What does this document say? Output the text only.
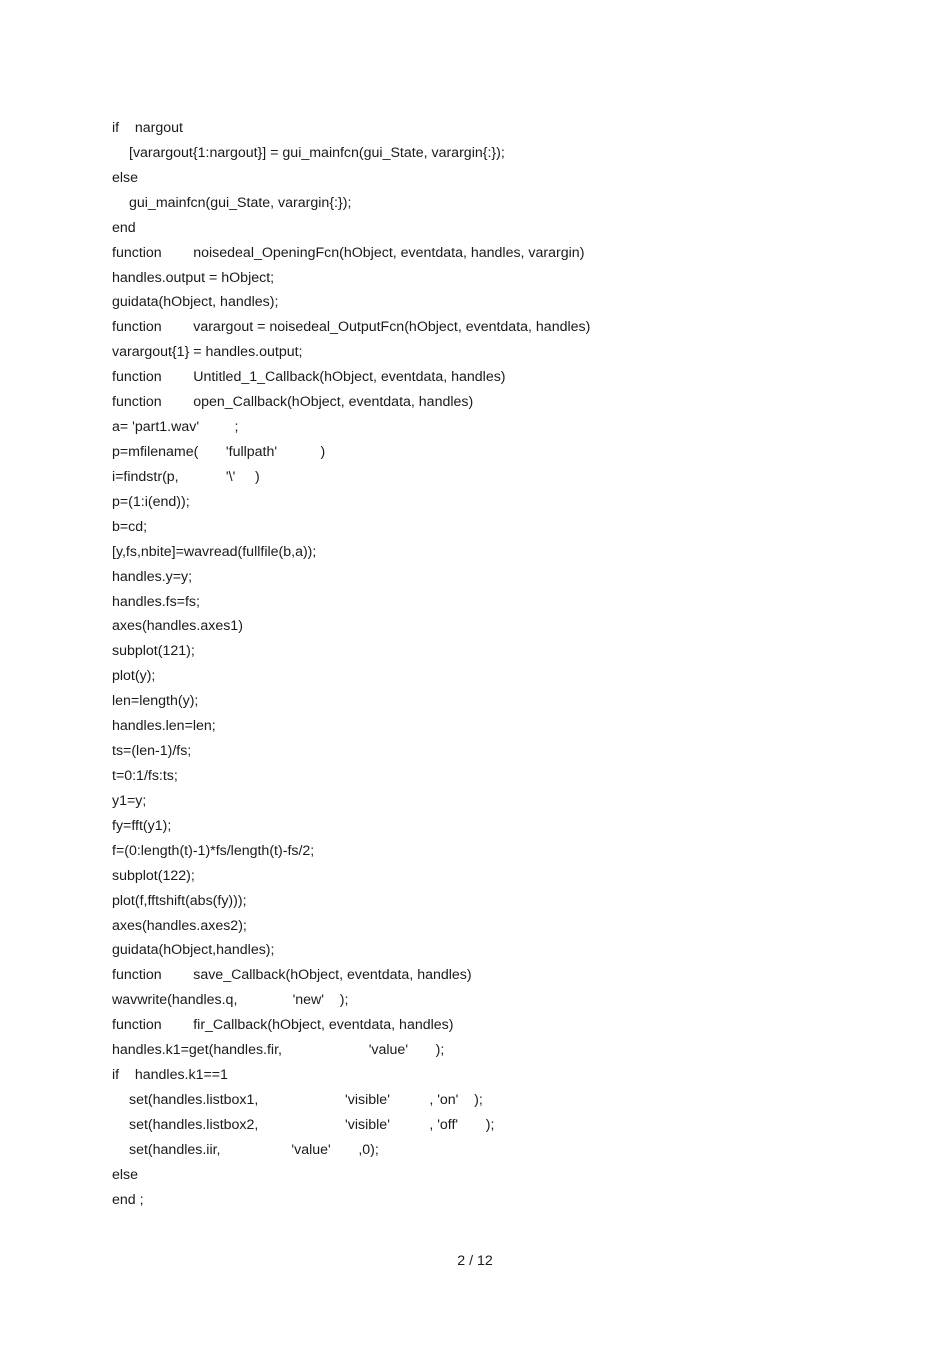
if    nargout
[varargout{1:nargout}] = gui_mainfcn(gui_State, varargin{:});
else
gui_mainfcn(gui_State, varargin{:});
end
function        noisedeal_OpeningFcn(hObject, eventdata, handles, varargin)
handles.output = hObject;
guidata(hObject, handles);
function        varargout = noisedeal_OutputFcn(hObject, eventdata, handles)
varargout{1} = handles.output;
function        Untitled_1_Callback(hObject, eventdata, handles)
function        open_Callback(hObject, eventdata, handles)
a= 'part1.wav'         ;
p=mfilename(       'fullpath'           )
i=findstr(p,            '\'     )
p=(1:i(end));
b=cd;
[y,fs,nbite]=wavread(fullfile(b,a));
handles.y=y;
handles.fs=fs;
axes(handles.axes1)
subplot(121);
plot(y);
len=length(y);
handles.len=len;
ts=(len-1)/fs;
t=0:1/fs:ts;
y1=y;
fy=fft(y1);
f=(0:length(t)-1)*fs/length(t)-fs/2;
subplot(122);
plot(f,fftshift(abs(fy)));
axes(handles.axes2);
guidata(hObject,handles);
function        save_Callback(hObject, eventdata, handles)
wavwrite(handles.q,              'new'    );
function        fir_Callback(hObject, eventdata, handles)
handles.k1=get(handles.fir,                      'value'       );
if    handles.k1==1
set(handles.listbox1,                      'visible'          , 'on'    );
set(handles.listbox2,                      'visible'          , 'off'       );
set(handles.iir,                  'value'       ,0);
else
end ;
2 / 12
